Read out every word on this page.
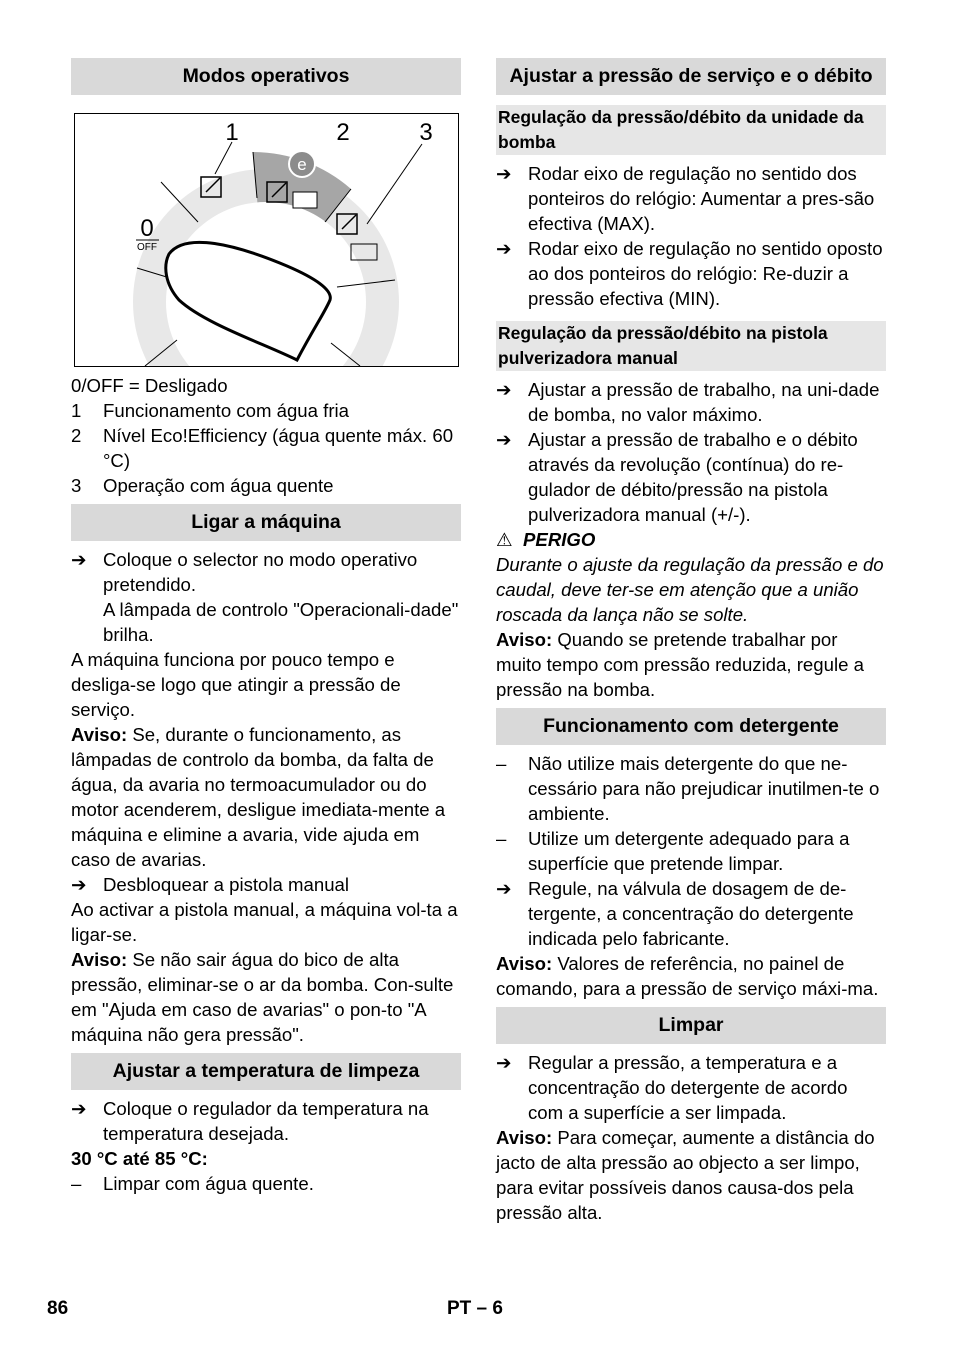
Modos operativos
e
1	2	3
0
OFF

0/OFF = Desligado

1 Funcionamento com água fria
2 Nível Eco!Efficiency (água quente máx. 60 °C)
3 Operação com água quente
Ligar a máquina
➔ Coloque o selector no modo operativo pretendido.
A lâmpada de controlo "Operacionali-dade" brilha.

A máquina funciona por pouco tempo e desliga-se logo que atingir a pressão de serviço.

Aviso: Se, durante o funcionamento, as lâmpadas de controlo da bomba, da falta de água, da avaria no termoacumulador ou do motor acenderem, desligue imediata-mente a máquina e elimine a avaria, vide ajuda em caso de avarias.

➔ Desbloquear a pistola manual

Ao activar a pistola manual, a máquina vol-ta a ligar-se.

Aviso: Se não sair água do bico de alta pressão, eliminar-se o ar da bomba. Con-sulte em "Ajuda em caso de avarias" o pon-to "A máquina não gera pressão".

Ajustar a temperatura de limpeza
➔ Coloque o regulador da temperatura na temperatura desejada.

30 °C até 85 °C:

– Limpar com água quente.
Ajustar a pressão de serviço e o débito
Regulação da pressão/débito da unidade da bomba
➔ Rodar eixo de regulação no sentido dos ponteiros do relógio: Aumentar a pres-são efectiva (MAX).
➔ Rodar eixo de regulação no sentido oposto ao dos ponteiros do relógio: Re-duzir a pressão efectiva (MIN).
Regulação da pressão/débito na pistola pulverizadora manual
➔ Ajustar a pressão de trabalho, na uni-dade de bomba, no valor máximo.
➔ Ajustar a pressão de trabalho e o débito através da revolução (contínua) do re-gulador de débito/pressão na pistola pulverizadora manual (+/-).

⚠ PERIGO

Durante o ajuste da regulação da pressão e do caudal, deve ter-se em atenção que a união roscada da lança não se solte.

Aviso: Quando se pretende trabalhar por muito tempo com pressão reduzida, regule a pressão na bomba.

Funcionamento com detergente
– Não utilize mais detergente do que ne-cessário para não prejudicar inutilmen-te o ambiente.
– Utilize um detergente adequado para a superfície que pretende limpar.
➔ Regule, na válvula de dosagem de de-tergente, a concentração do detergente indicada pelo fabricante.

Aviso: Valores de referência, no painel de comando, para a pressão de serviço máxi-ma.

Limpar
➔ Regular a pressão, a temperatura e a concentração do detergente de acordo com a superfície a ser limpada.

Aviso: Para começar, aumente a distância do jacto de alta pressão ao objecto a ser limpo, para evitar possíveis danos causa-dos pela pressão alta.

86	PT – 6
